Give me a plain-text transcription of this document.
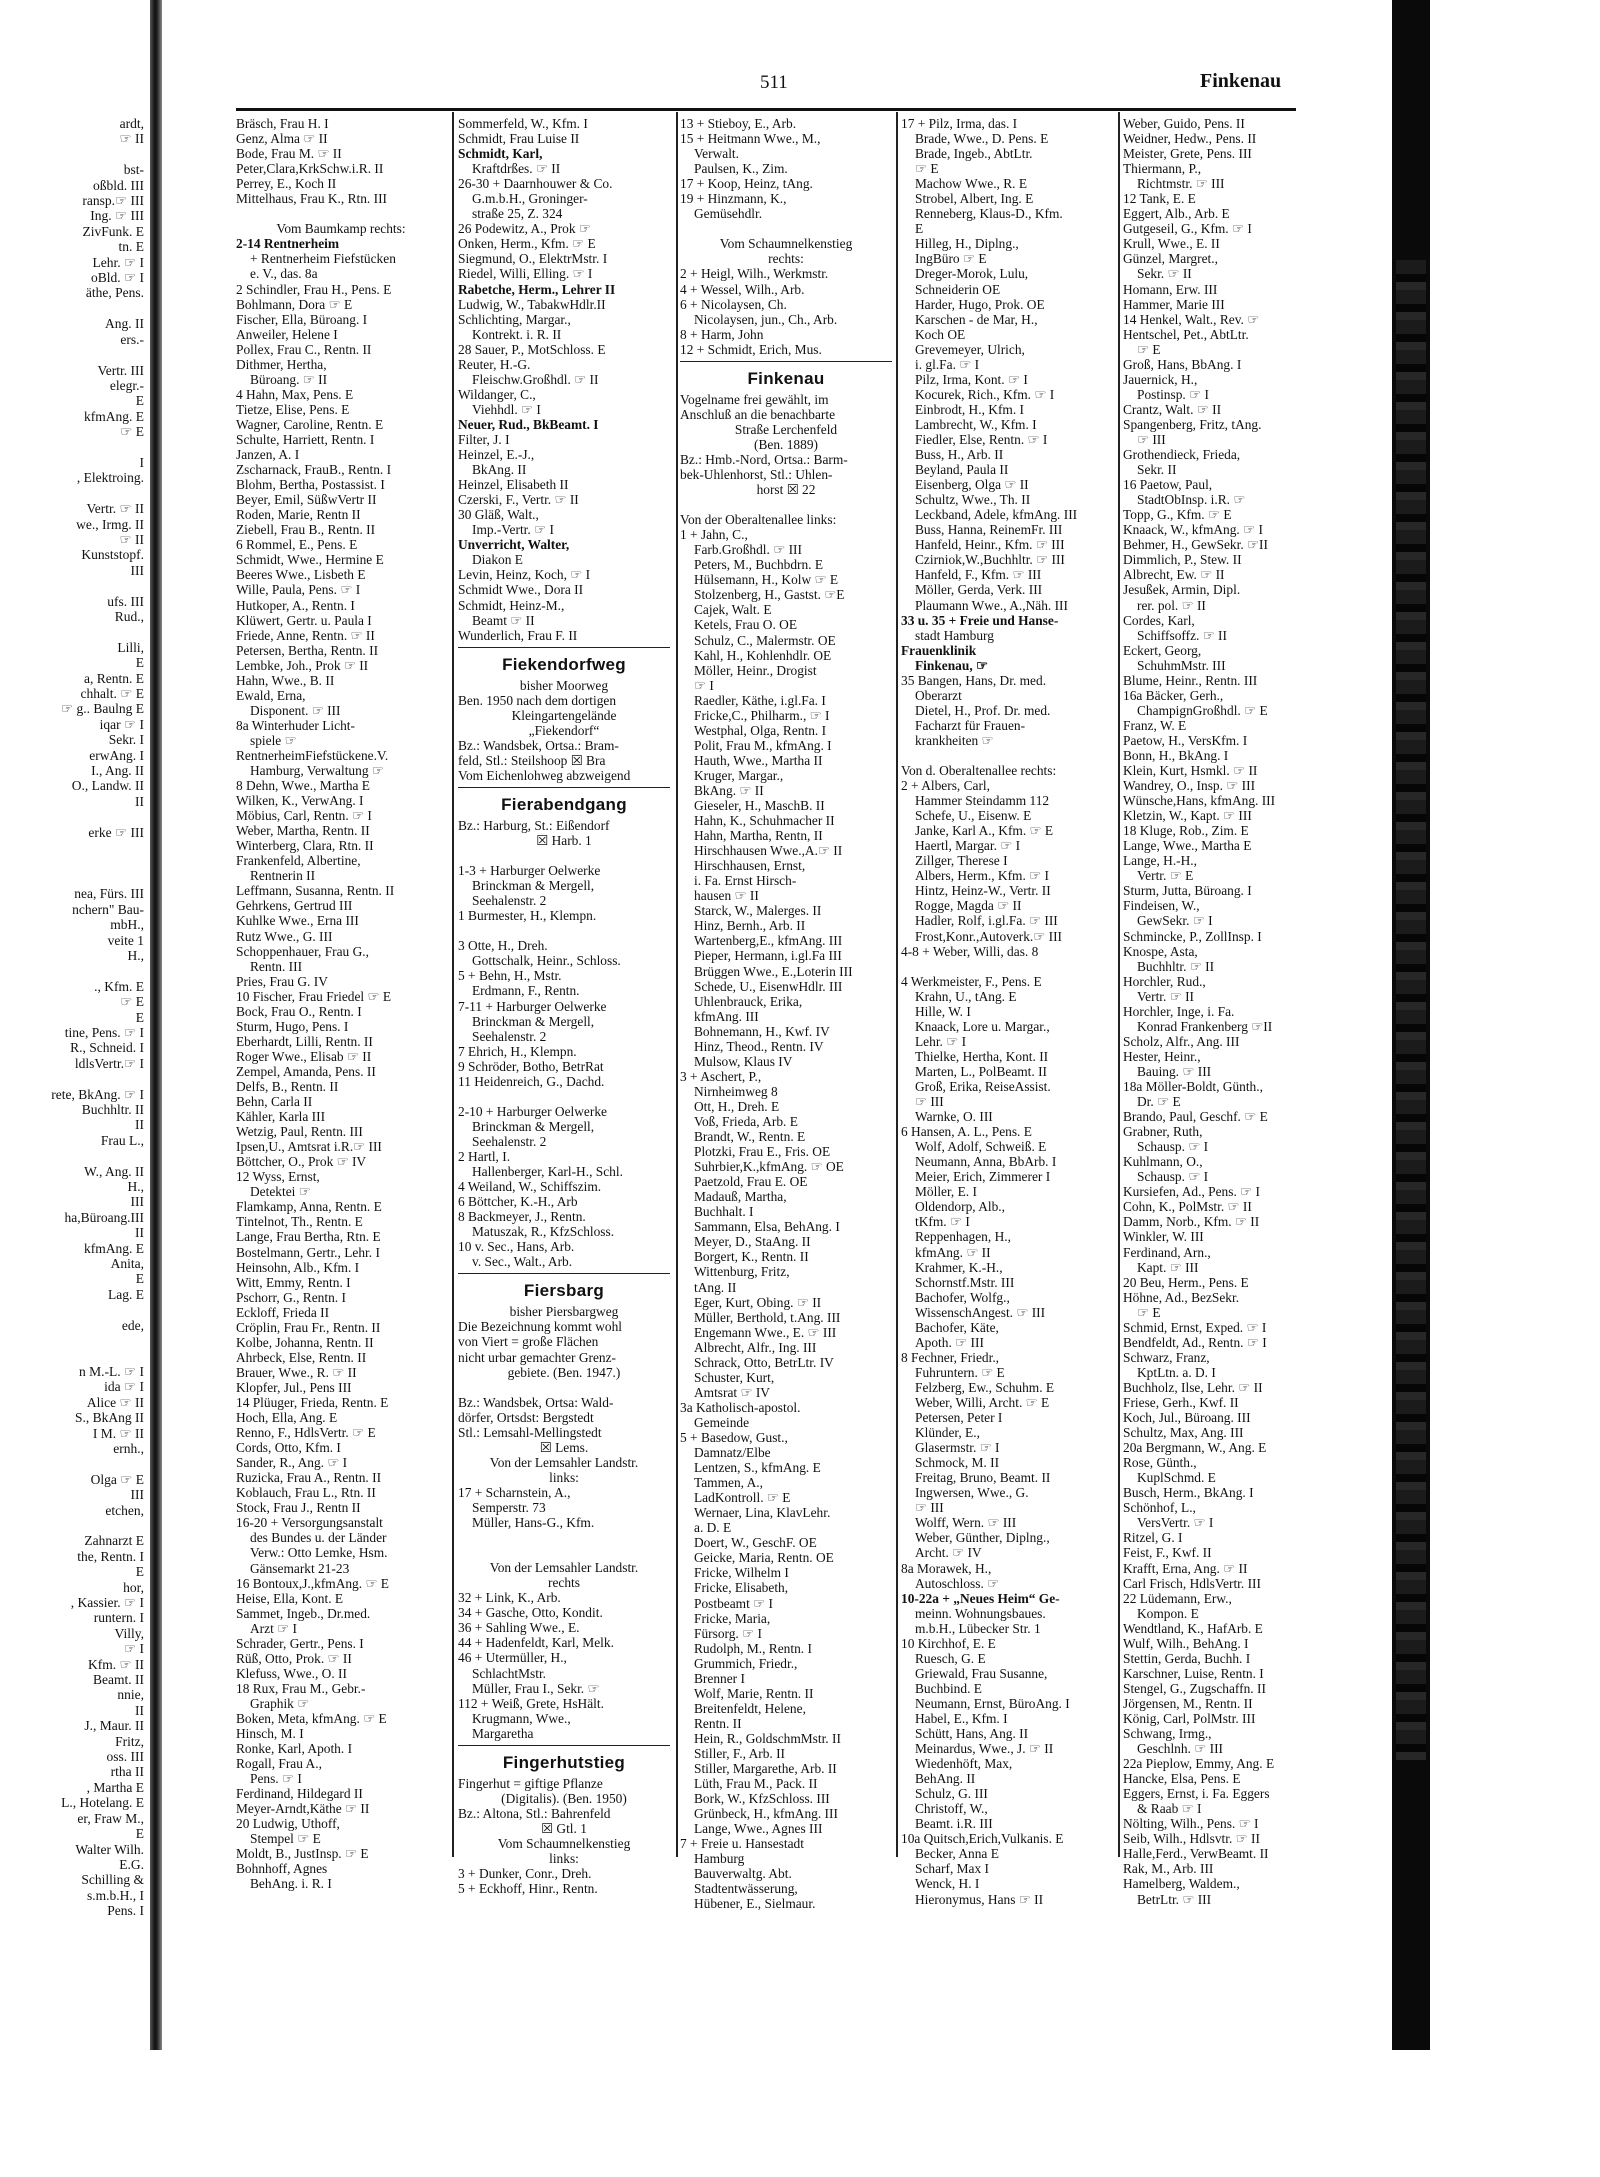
ardt,
☞ II

bst-
oßbld. III
ransp.☞ III
Ing. ☞ III
ZivFunk. E
tn. E
Lehr. ☞ I
oBld. ☞ I
äthe, Pens.

Ang. II
ers.-

Vertr. III
elegr.-
E
kfmAng. E
☞ E

I
, Elektroing.

Vertr. ☞ II
we., Irmg. II
☞ II
Kunststopf.
III

ufs. III
Rud.,

Lilli,
E
a, Rentn. E
chhalt. ☞ E
☞ g.. Baulng E
iqar ☞ I
Sekr. I
erwAng. I
I., Ang. II
O., Landw. II
II

erke ☞ III

nea, Fürs. III
nchern" Bau-
mbH.,
veite 1
H.,

., Kfm. E
☞ E
E
tine, Pens. ☞ I
R., Schneid. I
ldlsVertr.☞ I

rete, BkAng. ☞ I
Buchhltr. II
II
Frau L.,

W., Ang. II
H.,
III
ha,Büroang.III
II
kfmAng. E
Anita,
E
Lag. E

ede,

n M.-L. ☞ I
ida ☞ I
Alice ☞ II
S., BkAng II
I M. ☞ II
ernh.,

Olga ☞ E
III
etchen,

Zahnarzt E
the, Rentn. I
E
hor,
, Kassier. ☞ I
runtern. I
Villy,
☞ I
Kfm. ☞ II
Beamt. II
nnie,
II
J., Maur. II
Fritz,
oss. III
rtha II
, Martha E
L., Hotelang. E
er, Fraw M.,
E
Walter Wilh.
E.G.
Schilling &
s.m.b.H., I
Pens. I
511	Finkenau
Bräsch, Frau H. I
Genz, Alma ☞ II
Bode, Frau M. ☞ II
Peter,Clara,KrkSchw.i.R. II
Perrey, E., Koch II
Mittelhaus, Frau K., Rtn. III

Vom Baumkamp rechts:
2-14 Rentnerheim
+ Rentnerheim Fiefstücken
e. V., das. 8a
2 Schindler, Frau H., Pens. E
Bohlmann, Dora ☞ E
Fischer, Ella, Büroang. I
Anweiler, Helene I
Pollex, Frau C., Rentn. II
Dithmer, Hertha,
Büroang. ☞ II
4 Hahn, Max, Pens. E
Tietze, Elise, Pens. E
Wagner, Caroline, Rentn. E
Schulte, Harriett, Rentn. I
Janzen, A. I
Zscharnack, FrauB., Rentn. I
Blohm, Bertha, Postassist. I
Beyer, Emil, SüßwVertr II
Roden, Marie, Rentn II
Ziebell, Frau B., Rentn. II
6 Rommel, E., Pens. E
Schmidt, Wwe., Hermine E
Beeres Wwe., Lisbeth E
Wille, Paula, Pens. ☞ I
Hutkoper, A., Rentn. I
Klüwert, Gertr. u. Paula I
Friede, Anne, Rentn. ☞ II
Petersen, Bertha, Rentn. II
Lembke, Joh., Prok ☞ II
Hahn, Wwe., B. II
Ewald, Erna,
Disponent. ☞ III
8a Winterhuder Licht-
spiele ☞
RentnerheimFiefstückene.V.
Hamburg, Verwaltung ☞
8 Dehn, Wwe., Martha E
Wilken, K., VerwAng. I
Möbius, Carl, Rentn. ☞ I
Weber, Martha, Rentn. II
Winterberg, Clara, Rtn. II
Frankenfeld, Albertine,
Rentnerin II
Leffmann, Susanna, Rentn. II
Gehrkens, Gertrud III
Kuhlke Wwe., Erna III
Rutz Wwe., G. III
Schoppenhauer, Frau G.,
Rentn. III
Pries, Frau G. IV
10 Fischer, Frau Friedel ☞ E
Bock, Frau O., Rentn. I
Sturm, Hugo, Pens. I
Eberhardt, Lilli, Rentn. II
Roger Wwe., Elisab ☞ II
Zempel, Amanda, Pens. II
Delfs, B., Rentn. II
Behn, Carla II
Kähler, Karla III
Wetzig, Paul, Rentn. III
Ipsen,U., Amtsrat i.R.☞ III
Böttcher, O., Prok ☞ IV
12 Wyss, Ernst,
Detektei ☞
Flamkamp, Anna, Rentn. E
Tintelnot, Th., Rentn. E
Lange, Frau Bertha, Rtn. E
Bostelmann, Gertr., Lehr. I
Heinsohn, Alb., Kfm. I
Witt, Emmy, Rentn. I
Pschorr, G., Rentn. I
Eckloff, Frieda II
Cröplin, Frau Fr., Rentn. II
Kolbe, Johanna, Rentn. II
Ahrbeck, Else, Rentn. II
Brauer, Wwe., R. ☞ II
Klopfer, Jul., Pens III
14 Plüuger, Frieda, Rentn. E
Hoch, Ella, Ang. E
Renno, F., HdlsVertr. ☞ E
Cords, Otto, Kfm. I
Sander, R., Ang. ☞ I
Ruzicka, Frau A., Rentn. II
Koblauch, Frau L., Rtn. II
Stock, Frau J., Rentn II
16-20 + Versorgungsanstalt
des Bundes u. der Länder
Verw.: Otto Lemke, Hsm.
Gänsemarkt 21-23
16 Bontoux,J.,kfmAng. ☞ E
Heise, Ella, Kont. E
Sammet, Ingeb., Dr.med.
Arzt ☞ I
Schrader, Gertr., Pens. I
Rüß, Otto, Prok. ☞ II
Klefuss, Wwe., O. II
18 Rux, Frau M., Gebr.-
Graphik ☞
Boken, Meta, kfmAng. ☞ E
Hinsch, M. I
Ronke, Karl, Apoth. I
Rogall, Frau A.,
Pens. ☞ I
Ferdinand, Hildegard II
Meyer-Arndt,Käthe ☞ II
20 Ludwig, Uthoff,
Stempel ☞ E
Moldt, B., JustInsp. ☞ E
Bohnhoff, Agnes
BehAng. i. R. I
Sommerfeld, W., Kfm. I
Schmidt, Frau Luise II
Schmidt, Karl,
Kraftdrßes. ☞ II
26-30 + Daarnhouwer & Co.
G.m.b.H., Groninger-
straße 25, Z. 324
26 Podewitz, A., Prok ☞
Onken, Herm., Kfm. ☞ E
Siegmund, O., ElektrMstr. I
Riedel, Willi, Elling. ☞ I
Rabetche, Herm., Lehrer II
Ludwig, W., TabakwHdlr.II
Schlichting, Margar.,
Kontrekt. i. R. II
28 Sauer, P., MotSchloss. E
Reuter, H.-G.
Fleischw.Großhdl. ☞ II
Wildanger, C.,
Viehhdl. ☞ I
Neuer, Rud., BkBeamt. I
Filter, J. I
Heinzel, E.-J.,
BkAng. II
Heinzel, Elisabeth II
Czerski, F., Vertr. ☞ II
30 Gläß, Walt.,
Imp.-Vertr. ☞ I
Unverricht, Walter,
Diakon E
Levin, Heinz, Koch, ☞ I
Schmidt Wwe., Dora II
Schmidt, Heinz-M.,
Beamt ☞ II
Wunderlich, Frau F. II
Fiekendorfweg
bisher Moorweg
Ben. 1950 nach dem dortigen
Kleingartengelände
„Fiekendorf“
Bz.: Wandsbek, Ortsa.: Bram-
feld, Stl.: Steilshoop ☒ Bra
Vom Eichenlohweg abzweigend
Fierabendgang
Bz.: Harburg, St.: Eißendorf
☒ Harb. 1

1-3 + Harburger Oelwerke
Brinckman & Mergell,
Seehalenstr. 2
1 Burmester, H., Klempn.

3 Otte, H., Dreh.
Gottschalk, Heinr., Schloss.
5 + Behn, H., Mstr.
Erdmann, F., Rentn.
7-11 + Harburger Oelwerke
Brinckman & Mergell,
Seehalenstr. 2
7 Ehrich, H., Klempn.
9 Schröder, Botho, BetrRat
11 Heidenreich, G., Dachd.

2-10 + Harburger Oelwerke
Brinckman & Mergell,
Seehalenstr. 2
2 Hartl, I.
Hallenberger, Karl-H., Schl.
4 Weiland, W., Schiffszim.
6 Böttcher, K.-H., Arb
8 Backmeyer, J., Rentn.
Matuszak, R., KfzSchloss.
10 v. Sec., Hans, Arb.
v. Sec., Walt., Arb.
Fiersbarg
bisher Piersbargweg
Die Bezeichnung kommt wohl
von Viert = große Flächen
nicht urbar gemachter Grenz-
gebiete. (Ben. 1947.)

Bz.: Wandsbek, Ortsa: Wald-
dörfer, Ortsdst: Bergstedt
Stl.: Lemsahl-Mellingstedt
☒ Lems.
Von der Lemsahler Landstr.
links:
17 + Scharnstein, A.,
Semperstr. 73
Müller, Hans-G., Kfm.

Von der Lemsahler Landstr.
rechts
32 + Link, K., Arb.
34 + Gasche, Otto, Kondit.
36 + Sahling Wwe., E.
44 + Hadenfeldt, Karl, Melk.
46 + Utermüller, H.,
SchlachtMstr.
Müller, Frau I., Sekr. ☞
112 + Weiß, Grete, HsHält.
Krugmann, Wwe.,
Margaretha
Fingerhutstieg
Fingerhut = giftige Pflanze
(Digitalis). (Ben. 1950)
Bz.: Altona, Stl.: Bahrenfeld
☒ Gtl. 1
Vom Schaumnelkenstieg
links:
3 + Dunker, Conr., Dreh.
5 + Eckhoff, Hinr., Rentn.
13 + Stieboy, E., Arb.
15 + Heitmann Wwe., M.,
Verwalt.
Paulsen, K., Zim.
17 + Koop, Heinz, tAng.
19 + Hinzmann, K.,
Gemüsehdlr.

Vom Schaumnelkenstieg
rechts:
2 + Heigl, Wilh., Werkmstr.
4 + Wessel, Wilh., Arb.
6 + Nicolaysen, Ch.
Nicolaysen, jun., Ch., Arb.
8 + Harm, John
12 + Schmidt, Erich, Mus.
Finkenau
Vogelname frei gewählt, im
Anschluß an die benachbarte
Straße Lerchenfeld
(Ben. 1889)
Bz.: Hmb.-Nord, Ortsa.: Barm-
bek-Uhlenhorst, Stl.: Uhlen-
horst ☒ 22

Von der Oberaltenallee links:
1 + Jahn, C.,
Farb.Großhdl. ☞ III
Peters, M., Buchbdrn. E
Hülsemann, H., Kolw ☞ E
Stolzenberg, H., Gastst. ☞E
Cajek, Walt. E
Ketels, Frau O. OE
Schulz, C., Malermstr. OE
Kahl, H., Kohlenhdlr. OE
Möller, Heinr., Drogist
☞ I
Raedler, Käthe, i.gl.Fa. I
Fricke,C., Philharm., ☞ I
Westphal, Olga, Rentn. I
Polit, Frau M., kfmAng. I
Hauth, Wwe., Martha II
Kruger, Margar.,
BkAng. ☞ II
Gieseler, H., MaschB. II
Hahn, K., Schuhmacher II
Hahn, Martha, Rentn, II
Hirschhausen Wwe.,A.☞ II
Hirschhausen, Ernst,
i. Fa. Ernst Hirsch-
hausen ☞ II
Starck, W., Malerges. II
Hinz, Bernh., Arb. II
Wartenberg,E., kfmAng. III
Pieper, Hermann, i.gl.Fa III
Brüggen Wwe., E.,Loterin III
Schede, U., EisenwHdlr. III
Uhlenbrauck, Erika,
kfmAng. III
Bohnemann, H., Kwf. IV
Hinz, Theod., Rentn. IV
Mulsow, Klaus IV
3 + Aschert, P.,
Nirnheimweg 8
Ott, H., Dreh. E
Voß, Frieda, Arb. E
Brandt, W., Rentn. E
Plotzki, Frau E., Fris. OE
Suhrbier,K.,kfmAng. ☞ OE
Paetzold, Frau E. OE
Madauß, Martha,
Buchhalt. I
Sammann, Elsa, BehAng. I
Meyer, D., StaAng. II
Borgert, K., Rentn. II
Wittenburg, Fritz,
tAng. II
Eger, Kurt, Obing. ☞ II
Müller, Berthold, t.Ang. III
Engemann Wwe., E. ☞ III
Albrecht, Alfr., Ing. III
Schrack, Otto, BetrLtr. IV
Schuster, Kurt,
Amtsrat ☞ IV
3a Katholisch-apostol.
Gemeinde
5 + Basedow, Gust.,
Damnatz/Elbe
Lentzen, S., kfmAng. E
Tammen, A.,
LadKontroll. ☞ E
Wernaer, Lina, KlavLehr.
a. D. E
Doert, W., GeschF. OE
Geicke, Maria, Rentn. OE
Fricke, Wilhelm I
Fricke, Elisabeth,
Postbeamt ☞ I
Fricke, Maria,
Fürsorg. ☞ I
Rudolph, M., Rentn. I
Grummich, Friedr.,
Brenner I
Wolf, Marie, Rentn. II
Breitenfeldt, Helene,
Rentn. II
Hein, R., GoldschmMstr. II
Stiller, F., Arb. II
Stiller, Margarethe, Arb. II
Lüth, Frau M., Pack. II
Bork, W., KfzSchloss. III
Grünbeck, H., kfmAng. III
Lange, Wwe., Agnes III
7 + Freie u. Hansestadt
Hamburg
Bauverwaltg. Abt.
Stadtentwässerung,
Hübener, E., Sielmaur.
17 + Pilz, Irma, das. I
Brade, Wwe., D. Pens. E
Brade, Ingeb., AbtLtr.
☞ E
Machow Wwe., R. E
Strobel, Albert, Ing. E
Renneberg, Klaus-D., Kfm.
E
Hilleg, H., Diplng.,
IngBüro ☞ E
Dreger-Morok, Lulu,
Schneiderin OE
Harder, Hugo, Prok. OE
Karschen - de Mar, H.,
Koch OE
Grevemeyer, Ulrich,
i. gl.Fa. ☞ I
Pilz, Irma, Kont. ☞ I
Kocurek, Rich., Kfm. ☞ I
Einbrodt, H., Kfm. I
Lambrecht, W., Kfm. I
Fiedler, Else, Rentn. ☞ I
Buss, H., Arb. II
Beyland, Paula II
Eisenberg, Olga ☞ II
Schultz, Wwe., Th. II
Leckband, Adele, kfmAng. III
Buss, Hanna, ReinemFr. III
Hanfeld, Heinr., Kfm. ☞ III
Czirniok,W.,Buchhltr. ☞ III
Hanfeld, F., Kfm. ☞ III
Möller, Gerda, Verk. III
Plaumann Wwe., A.,Näh. III
33 u. 35 + Freie und Hanse-
stadt Hamburg
Frauenklinik
Finkenau, ☞
35 Bangen, Hans, Dr. med.
Oberarzt
Dietel, H., Prof. Dr. med.
Facharzt für Frauen-
krankheiten ☞

Von d. Oberaltenallee rechts:
2 + Albers, Carl,
Hammer Steindamm 112
Schefe, U., Eisenw. E
Janke, Karl A., Kfm. ☞ E
Haertl, Margar. ☞ I
Zillger, Therese I
Albers, Herm., Kfm. ☞ I
Hintz, Heinz-W., Vertr. II
Rogge, Magda ☞ II
Hadler, Rolf, i.gl.Fa. ☞ III
Frost,Konr.,Autoverk.☞ III
4-8 + Weber, Willi, das. 8

4 Werkmeister, F., Pens. E
Krahn, U., tAng. E
Hille, W. I
Knaack, Lore u. Margar.,
Lehr. ☞ I
Thielke, Hertha, Kont. II
Marten, L., PolBeamt. II
Groß, Erika, ReiseAssist.
☞ III
Warnke, O. III
6 Hansen, A. L., Pens. E
Wolf, Adolf, Schweiß. E
Neumann, Anna, BbArb. I
Meier, Erich, Zimmerer I
Möller, E. I
Oldendorp, Alb.,
tKfm. ☞ I
Reppenhagen, H.,
kfmAng. ☞ II
Krahmer, K.-H.,
Schornstf.Mstr. III
Bachofer, Wolfg.,
WissenschAngest. ☞ III
Bachofer, Käte,
Apoth. ☞ III
8 Fechner, Friedr.,
Fuhruntern. ☞ E
Felzberg, Ew., Schuhm. E
Weber, Willi, Archt. ☞ E
Petersen, Peter I
Klünder, E.,
Glasermstr. ☞ I
Schmock, M. II
Freitag, Bruno, Beamt. II
Ingwersen, Wwe., G.
☞ III
Wolff, Wern. ☞ III
Weber, Günther, Diplng.,
Archt. ☞ IV
8a Morawek, H.,
Autoschloss. ☞
10-22a + „Neues Heim“ Ge-
meinn. Wohnungsbaues.
m.b.H., Lübecker Str. 1
10 Kirchhof, E. E
Ruesch, G. E
Griewald, Frau Susanne,
Buchbind. E
Neumann, Ernst, BüroAng. I
Habel, E., Kfm. I
Schütt, Hans, Ang. II
Meinardus, Wwe., J. ☞ II
Wiedenhöft, Max,
BehAng. II
Schulz, G. III
Christoff, W.,
Beamt. i.R. III
10a Quitsch,Erich,Vulkanis. E
Becker, Anna E
Scharf, Max I
Wenck, H. I
Hieronymus, Hans ☞ II
Weber, Guido, Pens. II
Weidner, Hedw., Pens. II
Meister, Grete, Pens. III
Thiermann, P.,
Richtmstr. ☞ III
12 Tank, E. E
Eggert, Alb., Arb. E
Gutgeseil, G., Kfm. ☞ I
Krull, Wwe., E. II
Günzel, Margret.,
Sekr. ☞ II
Homann, Erw. III
Hammer, Marie III
14 Henkel, Walt., Rev. ☞
Hentschel, Pet., AbtLtr.
☞ E
Groß, Hans, BbAng. I
Jauernick, H.,
Postinsp. ☞ I
Crantz, Walt. ☞ II
Spangenberg, Fritz, tAng.
☞ III
Grothendieck, Frieda,
Sekr. II
16 Paetow, Paul,
StadtObInsp. i.R. ☞
Topp, G., Kfm. ☞ E
Knaack, W., kfmAng. ☞ I
Behmer, H., GewSekr. ☞II
Dimmlich, P., Stew. II
Albrecht, Ew. ☞ II
Jesußek, Armin, Dipl.
rer. pol. ☞ II
Cordes, Karl,
Schiffsoffz. ☞ II
Eckert, Georg,
SchuhmMstr. III
Blume, Heinr., Rentn. III
16a Bäcker, Gerh.,
ChampignGroßhdl. ☞ E
Franz, W. E
Paetow, H., VersKfm. I
Bonn, H., BkAng. I
Klein, Kurt, Hsmkl. ☞ II
Wandrey, O., Insp. ☞ III
Wünsche,Hans, kfmAng. III
Kletzin, W., Kapt. ☞ III
18 Kluge, Rob., Zim. E
Lange, Wwe., Martha E
Lange, H.-H.,
Vertr. ☞ E
Sturm, Jutta, Büroang. I
Findeisen, W.,
GewSekr. ☞ I
Schmincke, P., ZollInsp. I
Knospe, Asta,
Buchhltr. ☞ II
Horchler, Rud.,
Vertr. ☞ II
Horchler, Inge, i. Fa.
Konrad Frankenberg ☞II
Scholz, Alfr., Ang. III
Hester, Heinr.,
Bauing. ☞ III
18a Möller-Boldt, Günth.,
Dr. ☞ E
Brando, Paul, Geschf. ☞ E
Grabner, Ruth,
Schausp. ☞ I
Kuhlmann, O.,
Schausp. ☞ I
Kursiefen, Ad., Pens. ☞ I
Cohn, K., PolMstr. ☞ II
Damm, Norb., Kfm. ☞ II
Winkler, W. III
Ferdinand, Arn.,
Kapt. ☞ III
20 Beu, Herm., Pens. E
Höhne, Ad., BezSekr.
☞ E
Schmid, Ernst, Exped. ☞ I
Bendfeldt, Ad., Rentn. ☞ I
Schwarz, Franz,
KptLtn. a. D. I
Buchholz, Ilse, Lehr. ☞ II
Friese, Gerh., Kwf. II
Koch, Jul., Büroang. III
Schultz, Max, Ang. III
20a Bergmann, W., Ang. E
Rose, Günth.,
KuplSchmd. E
Busch, Herm., BkAng. I
Schönhof, L.,
VersVertr. ☞ I
Ritzel, G. I
Feist, F., Kwf. II
Krafft, Erna, Ang. ☞ II
Carl Frisch, HdlsVertr. III
22 Lüdemann, Erw.,
Kompon. E
Wendtland, K., HafArb. E
Wulf, Wilh., BehAng. I
Stettin, Gerda, Buchh. I
Karschner, Luise, Rentn. I
Stengel, G., Zugschaffn. II
Jörgensen, M., Rentn. II
König, Carl, PolMstr. III
Schwang, Irmg.,
Geschlnh. ☞ III
22a Pieplow, Emmy, Ang. E
Hancke, Elsa, Pens. E
Eggers, Ernst, i. Fa. Eggers
& Raab ☞ I
Nölting, Wilh., Pens. ☞ I
Seib, Wilh., Hdlsvtr. ☞ II
Halle,Ferd., VerwBeamt. II
Rak, M., Arb. III
Hamelberg, Waldem.,
BetrLtr. ☞ III
